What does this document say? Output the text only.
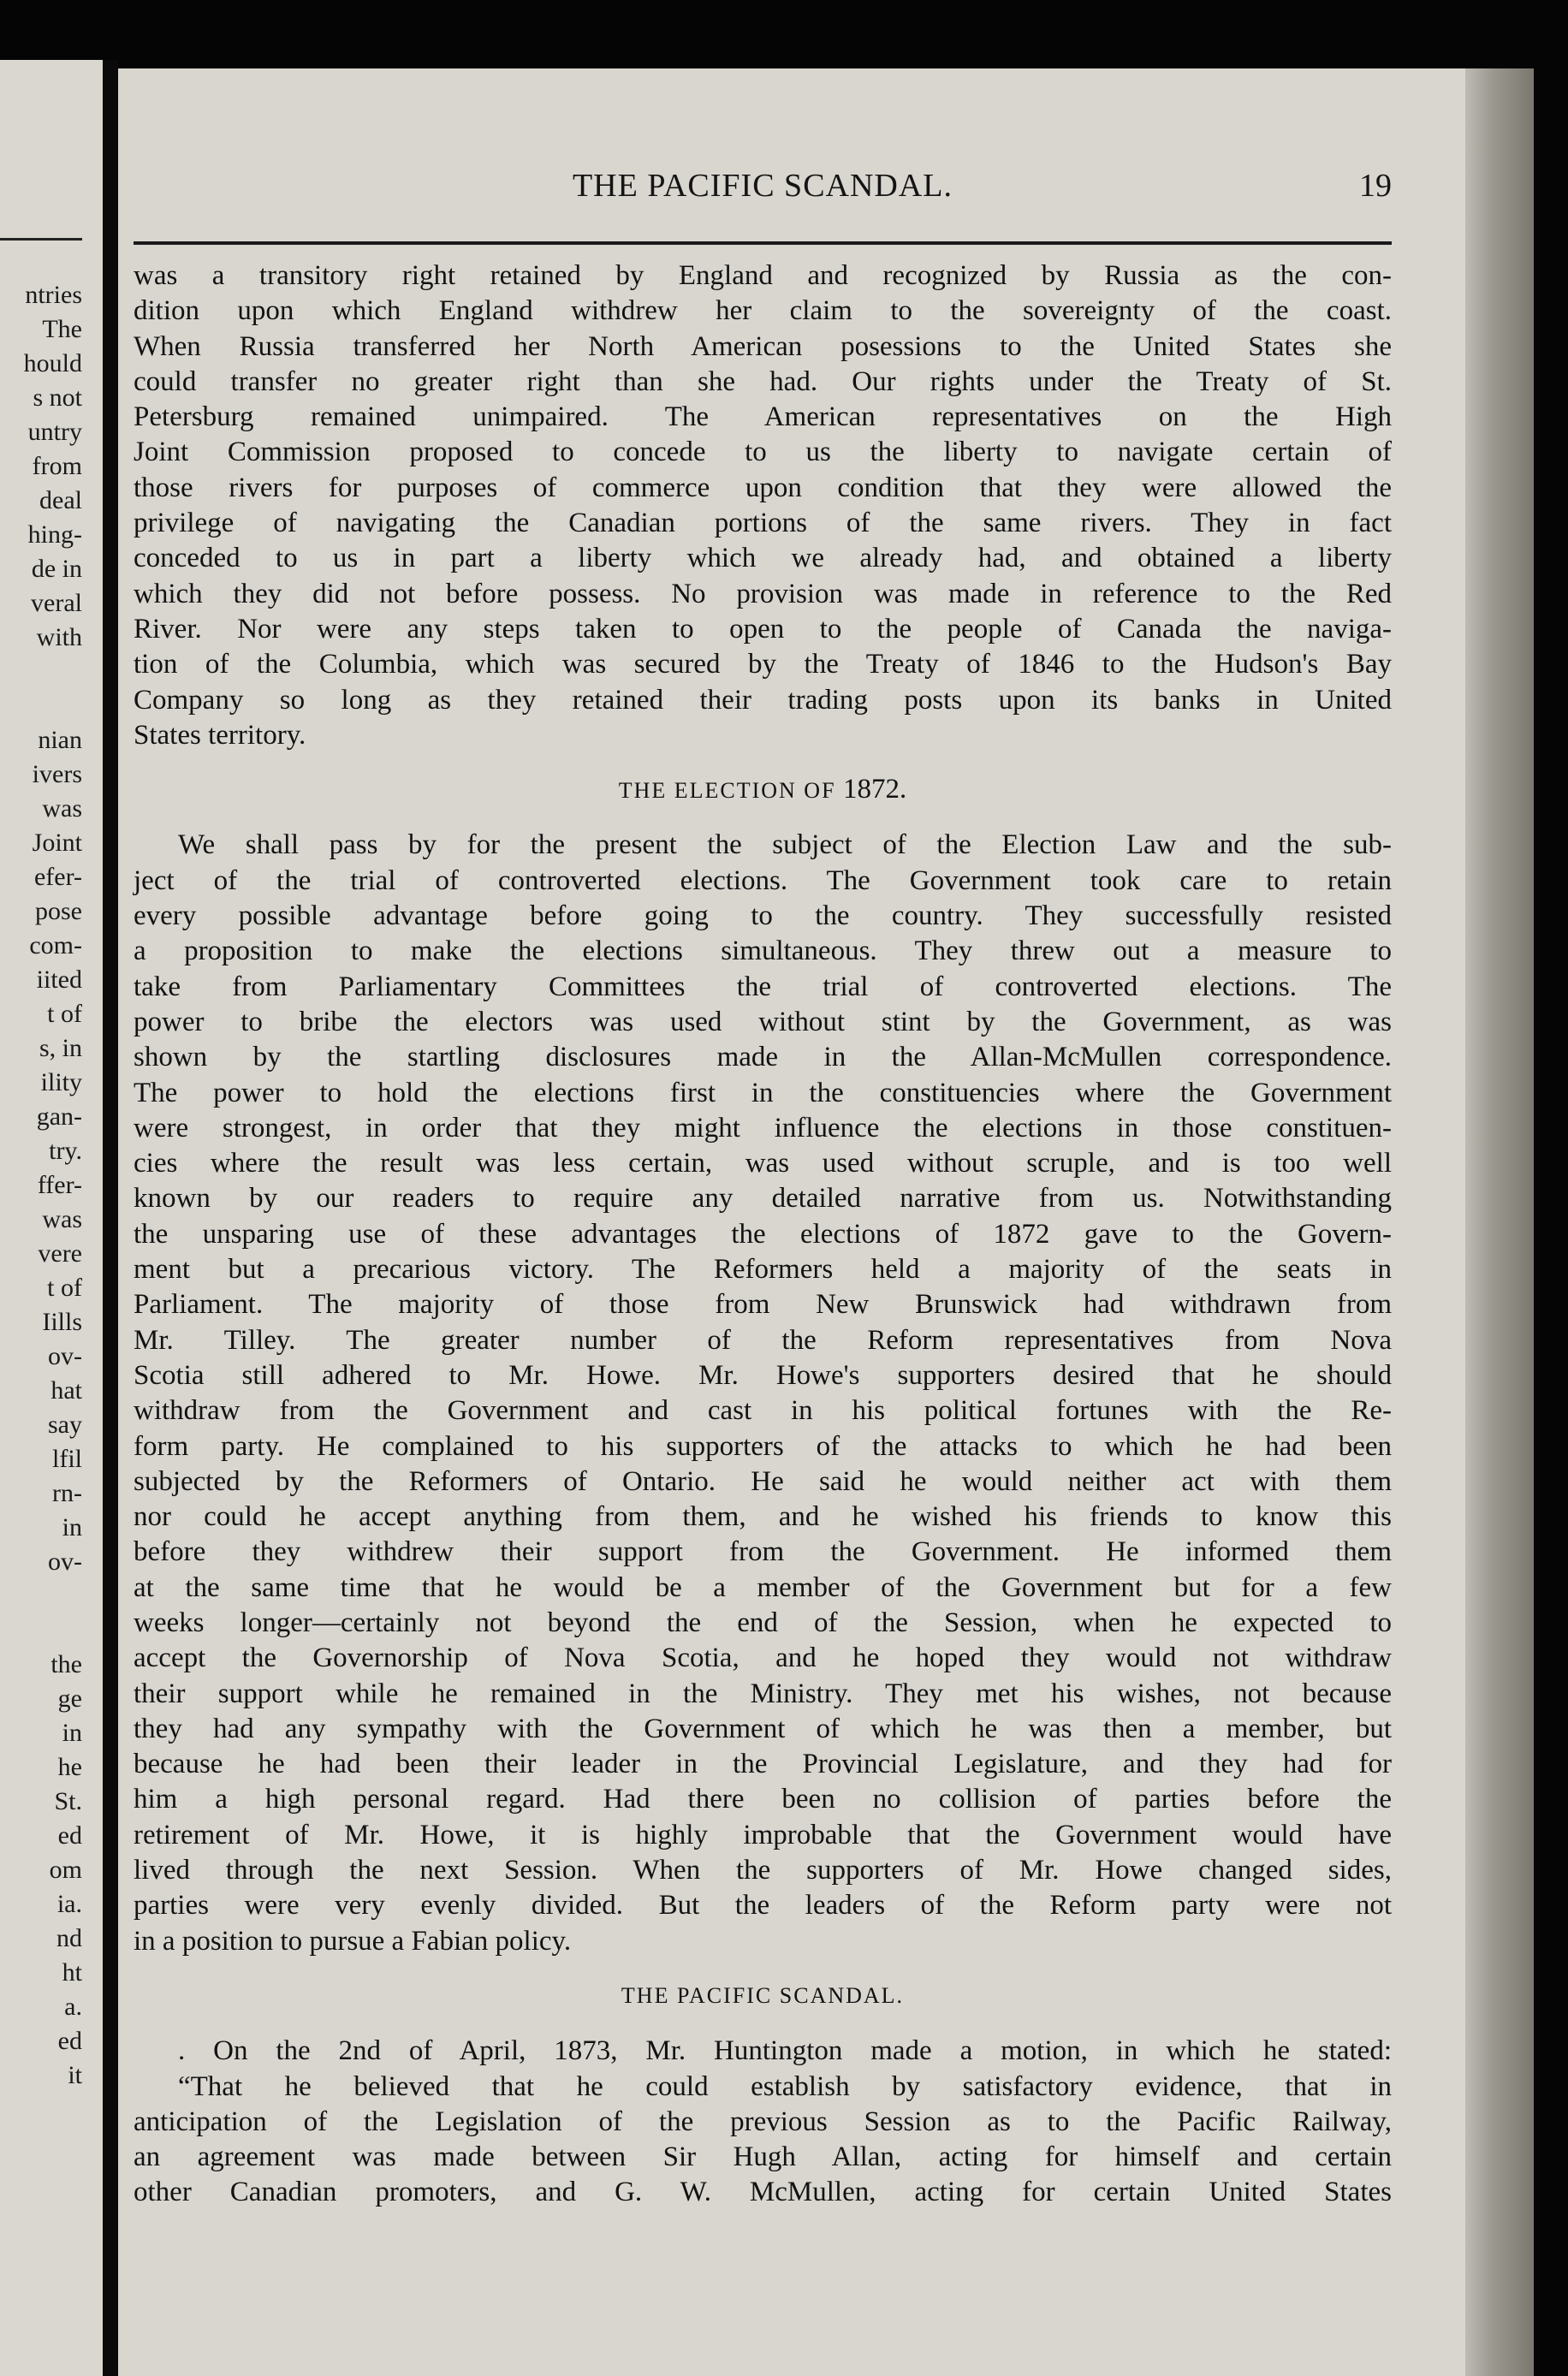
ntries
The
hould
s not
untry
from
deal
hing-
de in
veral
with
nian
ivers
was
Joint
efer-
pose
com-
iited
t of
s, in
ility
gan-
try.
ffer-
was
vere
t of
Iills
ov-
hat
say
lfil
rn-
in
ov-
the
ge
in
he
St.
ed
om
ia.
nd
ht
a.
ed
it
THE PACIFIC SCANDAL.	19
was a transitory right retained by England and recognized by Russia as the con-
dition upon which England withdrew her claim to the sovereignty of the coast.
When Russia transferred her North American posessions to the United States she
could transfer no greater right than she had. Our rights under the Treaty of St.
Petersburg remained unimpaired. The American representatives on the High
Joint Commission proposed to concede to us the liberty to navigate certain of
those rivers for purposes of commerce upon condition that they were allowed the
privilege of navigating the Canadian portions of the same rivers. They in fact
conceded to us in part a liberty which we already had, and obtained a liberty
which they did not before possess. No provision was made in reference to the Red
River. Nor were any steps taken to open to the people of Canada the naviga-
tion of the Columbia, which was secured by the Treaty of 1846 to the Hudson's Bay
Company so long as they retained their trading posts upon its banks in United
States territory.
THE ELECTION OF 1872.
We shall pass by for the present the subject of the Election Law and the sub-
ject of the trial of controverted elections. The Government took care to retain
every possible advantage before going to the country. They successfully resisted
a proposition to make the elections simultaneous. They threw out a measure to
take from Parliamentary Committees the trial of controverted elections. The
power to bribe the electors was used without stint by the Government, as was
shown by the startling disclosures made in the Allan-McMullen correspondence.
The power to hold the elections first in the constituencies where the Government
were strongest, in order that they might influence the elections in those constituen-
cies where the result was less certain, was used without scruple, and is too well
known by our readers to require any detailed narrative from us. Notwithstanding
the unsparing use of these advantages the elections of 1872 gave to the Govern-
ment but a precarious victory. The Reformers held a majority of the seats in
Parliament. The majority of those from New Brunswick had withdrawn from
Mr. Tilley. The greater number of the Reform representatives from Nova
Scotia still adhered to Mr. Howe. Mr. Howe's supporters desired that he should
withdraw from the Government and cast in his political fortunes with the Re-
form party. He complained to his supporters of the attacks to which he had been
subjected by the Reformers of Ontario. He said he would neither act with them
nor could he accept anything from them, and he wished his friends to know this
before they withdrew their support from the Government. He informed them
at the same time that he would be a member of the Government but for a few
weeks longer—certainly not beyond the end of the Session, when he expected to
accept the Governorship of Nova Scotia, and he hoped they would not withdraw
their support while he remained in the Ministry. They met his wishes, not because
they had any sympathy with the Government of which he was then a member, but
because he had been their leader in the Provincial Legislature, and they had for
him a high personal regard. Had there been no collision of parties before the
retirement of Mr. Howe, it is highly improbable that the Government would have
lived through the next Session. When the supporters of Mr. Howe changed sides,
parties were very evenly divided. But the leaders of the Reform party were not
in a position to pursue a Fabian policy.
THE PACIFIC SCANDAL.
. On the 2nd of April, 1873, Mr. Huntington made a motion, in which he stated:
“That he believed that he could establish by satisfactory evidence, that in
anticipation of the Legislation of the previous Session as to the Pacific Railway,
an agreement was made between Sir Hugh Allan, acting for himself and certain
other Canadian promoters, and G. W. McMullen, acting for certain United States
